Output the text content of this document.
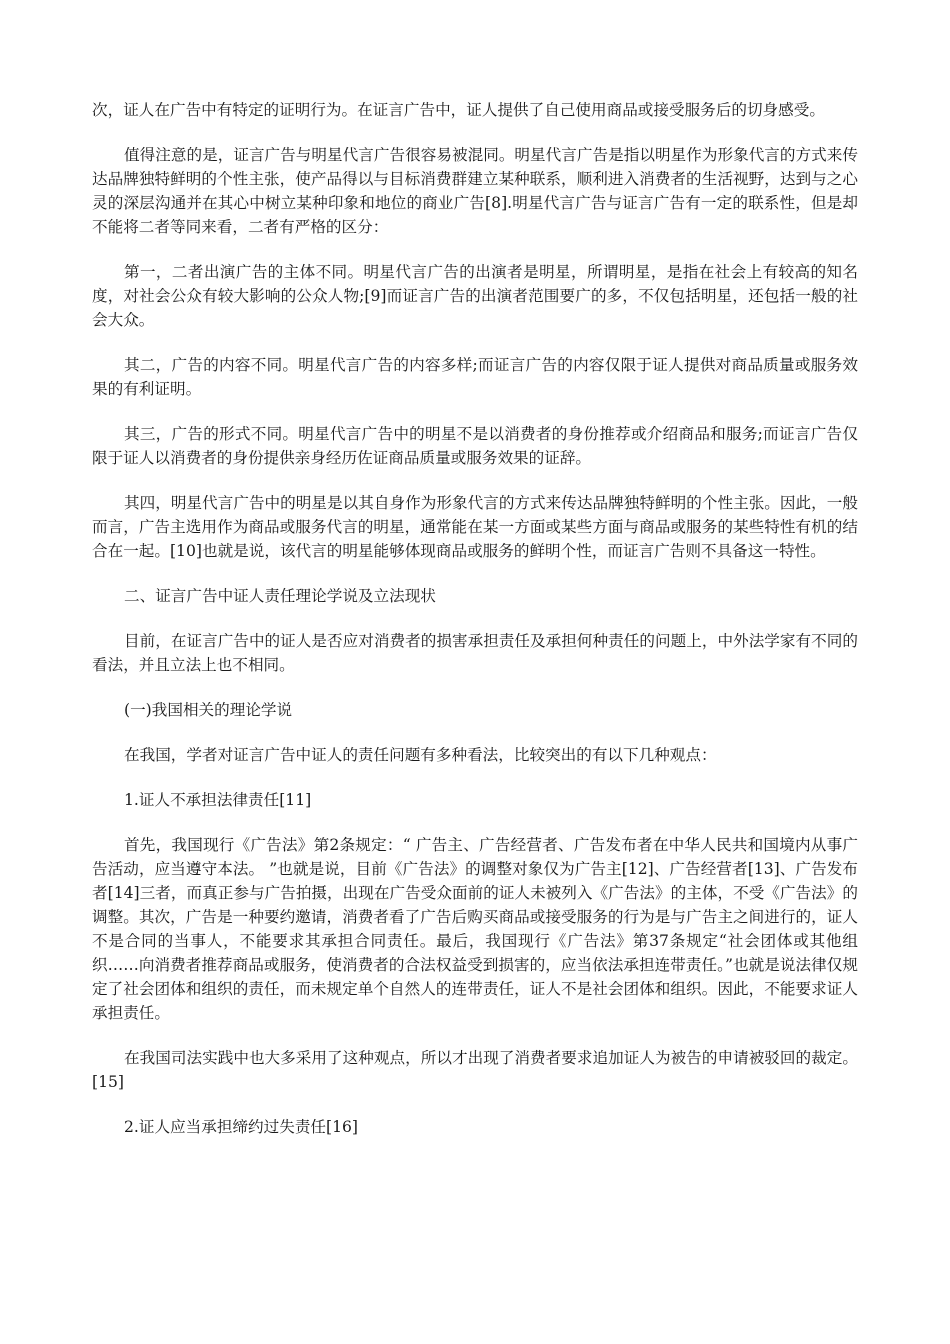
次，证人在广告中有特定的证明行为。在证言广告中，证人提供了自己使用商品或接受服务后的切身感受。

值得注意的是，证言广告与明星代言广告很容易被混同。明星代言广告是指以明星作为形象代言的方式来传达品牌独特鲜明的个性主张，使产品得以与目标消费群建立某种联系，顺利进入消费者的生活视野，达到与之心灵的深层沟通并在其心中树立某种印象和地位的商业广告[8].明星代言广告与证言广告有一定的联系性，但是却不能将二者等同来看，二者有严格的区分：

第一，二者出演广告的主体不同。明星代言广告的出演者是明星，所谓明星，是指在社会上有较高的知名度，对社会公众有较大影响的公众人物;[9]而证言广告的出演者范围要广的多，不仅包括明星，还包括一般的社会大众。

其二，广告的内容不同。明星代言广告的内容多样;而证言广告的内容仅限于证人提供对商品质量或服务效果的有利证明。

其三，广告的形式不同。明星代言广告中的明星不是以消费者的身份推荐或介绍商品和服务;而证言广告仅限于证人以消费者的身份提供亲身经历佐证商品质量或服务效果的证辞。

其四，明星代言广告中的明星是以其自身作为形象代言的方式来传达品牌独特鲜明的个性主张。因此，一般而言，广告主选用作为商品或服务代言的明星，通常能在某一方面或某些方面与商品或服务的某些特性有机的结合在一起。[10]也就是说，该代言的明星能够体现商品或服务的鲜明个性，而证言广告则不具备这一特性。

二、证言广告中证人责任理论学说及立法现状

目前，在证言广告中的证人是否应对消费者的损害承担责任及承担何种责任的问题上，中外法学家有不同的看法，并且立法上也不相同。

(一)我国相关的理论学说

在我国，学者对证言广告中证人的责任问题有多种看法，比较突出的有以下几种观点：

1.证人不承担法律责任[11]

首先，我国现行《广告法》第2条规定：“ 广告主、广告经营者、广告发布者在中华人民共和国境内从事广告活动，应当遵守本法。 ”也就是说，目前《广告法》的调整对象仅为广告主[12]、广告经营者[13]、广告发布者[14]三者，而真正参与广告拍摄，出现在广告受众面前的证人未被列入《广告法》的主体，不受《广告法》的调整。其次，广告是一种要约邀请，消费者看了广告后购买商品或接受服务的行为是与广告主之间进行的，证人不是合同的当事人，不能要求其承担合同责任。最后，我国现行《广告法》第37条规定“社会团体或其他组织……向消费者推荐商品或服务，使消费者的合法权益受到损害的，应当依法承担连带责任。”也就是说法律仅规定了社会团体和组织的责任，而未规定单个自然人的连带责任，证人不是社会团体和组织。因此，不能要求证人承担责任。

在我国司法实践中也大多采用了这种观点，所以才出现了消费者要求追加证人为被告的申请被驳回的裁定。[15]

2.证人应当承担缔约过失责任[16]
